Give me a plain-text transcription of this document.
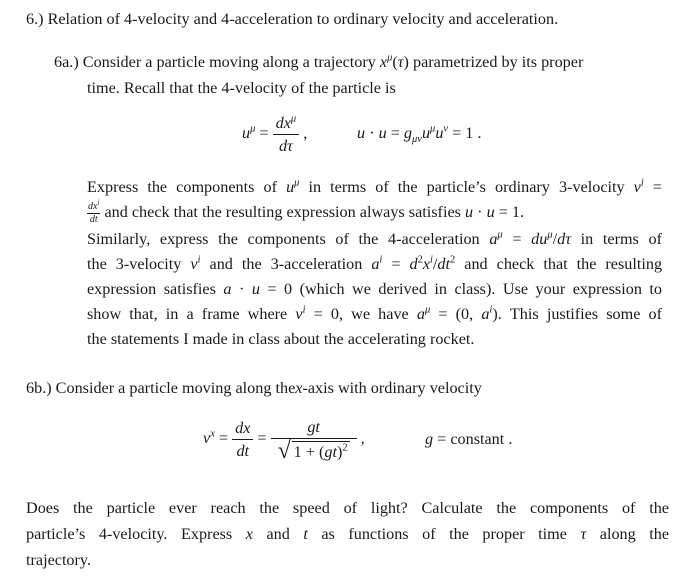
6.) Relation of 4-velocity and 4-acceleration to ordinary velocity and acceleration.
6a.) Consider a particle moving along a trajectory $x^\mu(\tau)$ parametrized by its proper
time. Recall that the 4-velocity of the particle is
$u^\mu = \frac{dx^\mu}{d\tau}$ ,	$u \cdot u = g_{\mu\nu}u^\mu u^\nu = 1$ .
Express the components of $u^\mu$ in terms of the particle’s ordinary 3-velocity $v^i$ =
$\frac{dx^i}{dt}$ and check that the resulting expression always satisfies u · u = 1.
Similarly, express the components of the 4-acceleration $a^\mu = du^\mu/d\tau$ in terms of
the 3-velocity $v^i$ and the 3-acceleration $a^i = d^2x^i/dt^2$ and check that the resulting
expression satisfies a · u = 0 (which we derived in class). Use your expression to
show that, in a frame where $v^i = 0$, we have $a^\mu = (0$, $a^i$). This justifies some of
the statements I made in class about the accelerating rocket.
6b.) Consider a particle moving along thex-axis with ordinary velocity
$v^x = \frac{dx}{dt} = \frac{gt}{√ 1 + (gt)^2}$ ,	g = constant .
Does the particle ever reach the speed of light? Calculate the components of the
particle’s 4-velocity. Express x and t as functions of the proper time τ along the
trajectory.
